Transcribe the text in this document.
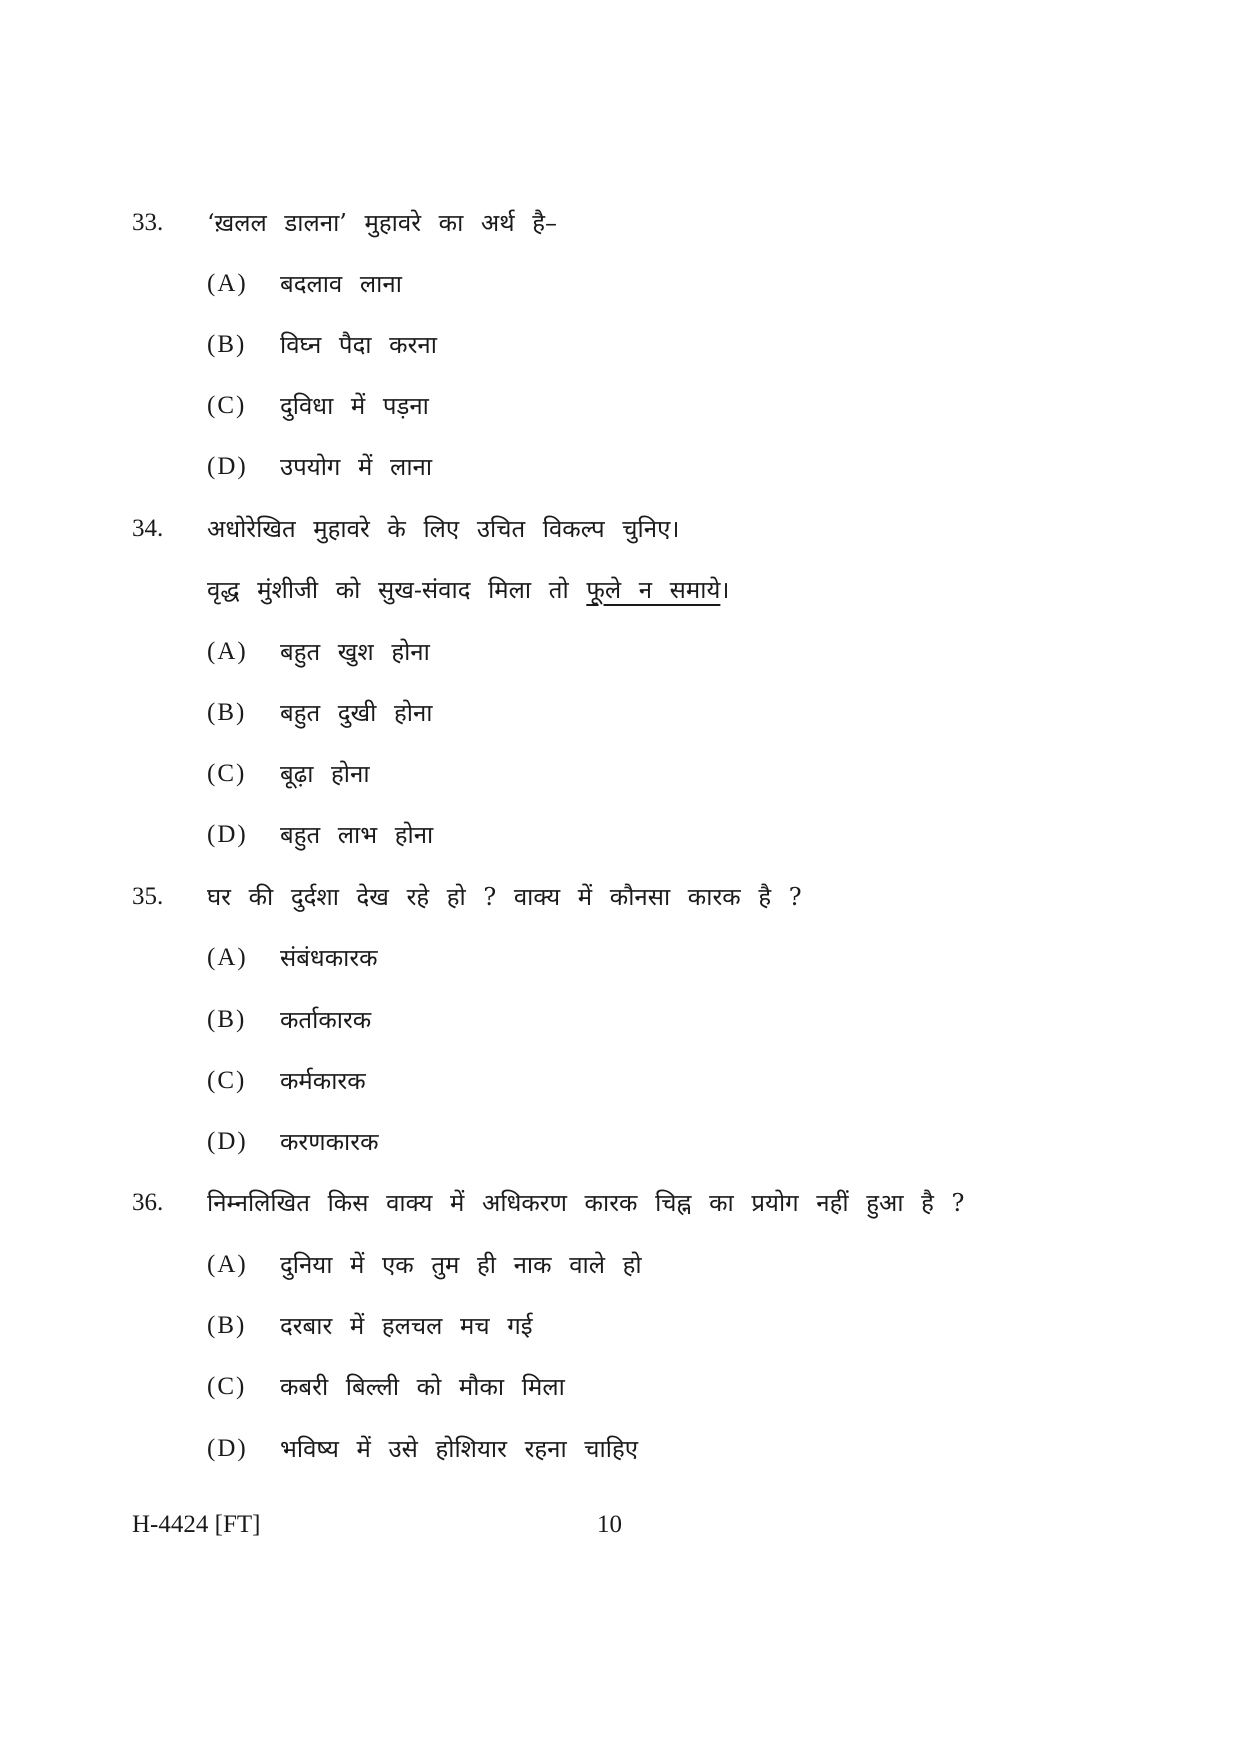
33. ‘ख़लल डालना’ मुहावरे का अर्थ है–
(A) बदलाव लाना
(B) विघ्न पैदा करना
(C) दुविधा में पड़ना
(D) उपयोग में लाना
34. अधोरेखित मुहावरे के लिए उचित विकल्प चुनिए।
वृद्ध मुंशीजी को सुख-संवाद मिला तो फूले न समाये।
(A) बहुत खुश होना
(B) बहुत दुखी होना
(C) बूढ़ा होना
(D) बहुत लाभ होना
35. घर की दुर्दशा देख रहे हो ? वाक्य में कौनसा कारक है ?
(A) संबंधकारक
(B) कर्ताकारक
(C) कर्मकारक
(D) करणकारक
36. निम्नलिखित किस वाक्य में अधिकरण कारक चिह्न का प्रयोग नहीं हुआ है ?
(A) दुनिया में एक तुम ही नाक वाले हो
(B) दरबार में हलचल मच गई
(C) कबरी बिल्ली को मौका मिला
(D) भविष्य में उसे होशियार रहना चाहिए
H-4424 [FT]	10
